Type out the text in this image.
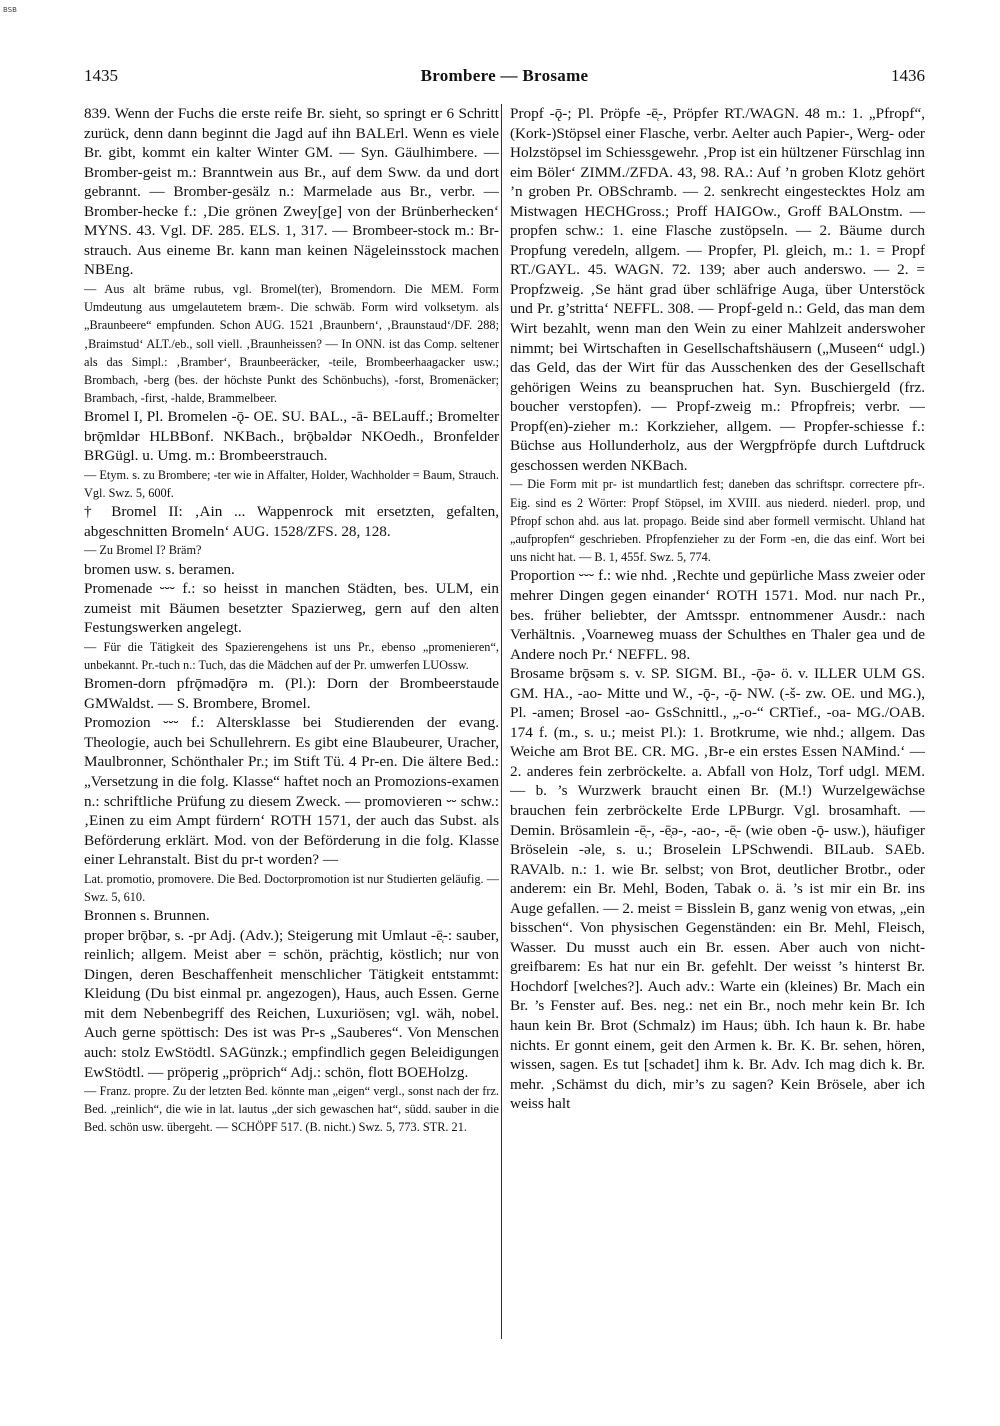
BSB
1435	Brombere — Brosame	1436

839. Wenn der Fuchs die erste reife Br. sieht, so springt er 6 Schritt zurück, denn dann beginnt die Jagd auf ihn BALErl. Wenn es viele Br. gibt, kommt ein kalter Winter GM. — Syn. Gäulhimbere. — Bromber-geist m.: Branntwein aus Br., auf dem Sww. da und dort gebrannt. — Bromber-gesälz n.: Marmelade aus Br., verbr. — Bromber-hecke f.: ‚Die grönen Zwey[ge] von der Brünberhecken‘ MYNS. 43. Vgl. DF. 285. ELS. 1, 317. — Brombeer-stock m.: Br-strauch. Aus eineme Br. kann man keinen Nägeleinsstock machen NBEng.

— Aus alt bräme rubus, vgl. Bromel(ter), Bromendorn. Die MEM. Form Umdeutung aus umgelautetem bræm-. Die schwäb. Form wird volksetym. als „Braunbeere“ empfunden. Schon AUG. 1521 ‚Braunbern‘, ‚Braunstaud‘/DF. 288; ‚Braimstud‘ ALT./eb., soll viell. ‚Braunheissen? — In ONN. ist das Comp. seltener als das Simpl.: ‚Bramber‘, Braunbeeräcker, -teile, Brombeerhaagacker usw.; Brombach, -berg (bes. der höchste Punkt des Schönbuchs), -forst, Bromenäcker; Brambach, -first, -halde, Brammelbeer.

Bromel I, Pl. Bromelen -ǭ- OE. SU. BAL., -ā- BELauff.; Bromelter brǭmldər HLBBonf. NKBach., brǭbəldər NKOedh., Bronfelder BRGügl. u. Umg. m.: Brombeerstrauch.

— Etym. s. zu Brombere; -ter wie in Affalter, Holder, Wachholder = Baum, Strauch. Vgl. Swz. 5, 600f.

† Bromel II: ‚Ain ... Wappenrock mit ersetzten, gefalten, abgeschnitten Bromeln‘ AUG. 1528/ZFS. 28, 128.

— Zu Bromel I? Bräm?

bromen usw. s. beramen.

Promenade ⏑⏑⏑ f.: so heisst in manchen Städten, bes. ULM, ein zumeist mit Bäumen besetzter Spazierweg, gern auf den alten Festungswerken angelegt.

— Für die Tätigkeit des Spazierengehens ist uns Pr., ebenso „promenieren“, unbekannt. Pr.-tuch n.: Tuch, das die Mädchen auf der Pr. umwerfen LUOssw.

Bromen-dorn pfrǭmədǭrə m. (Pl.): Dorn der Brombeerstaude GMWaldst. — S. Brombere, Bromel.

Promozion ⏑⏑⏑ f.: Altersklasse bei Studierenden der evang. Theologie, auch bei Schullehrern. Es gibt eine Blaubeurer, Uracher, Maulbronner, Schönthaler Pr.; im Stift Tü. 4 Pr-en. Die ältere Bed.: „Versetzung in die folg. Klasse“ haftet noch an Promozions-examen n.: schriftliche Prüfung zu diesem Zweck. — promovieren ⏑⏑ schw.: ‚Einen zu eim Ampt fürdern‘ ROTH 1571, der auch das Subst. als Beförderung erklärt. Mod. von der Beförderung in die folg. Klasse einer Lehranstalt. Bist du pr-t worden? —

Lat. promotio, promovere. Die Bed. Doctorpromotion ist nur Studierten geläufig. — Swz. 5, 610.

Bronnen s. Brunnen.

proper brǭbər, s. -pr Adj. (Adv.); Steigerung mit Umlaut -ē̜-: sauber, reinlich; allgem. Meist aber = schön, prächtig, köstlich; nur von Dingen, deren Beschaffenheit menschlicher Tätigkeit entstammt: Kleidung (Du bist einmal pr. angezogen), Haus, auch Essen. Gerne mit dem Nebenbegriff des Reichen, Luxuriösen; vgl. wäh, nobel. Auch gerne spöttisch: Des ist was Pr-s „Sauberes“. Von Menschen auch: stolz EwStödtl. SAGünzk.; empfindlich gegen Beleidigungen EwStödtl. — pröperig „pröprich“ Adj.: schön, flott BOEHolzg.

— Franz. propre. Zu der letzten Bed. könnte man „eigen“ vergl., sonst nach der frz. Bed. „reinlich“, die wie in lat. lautus „der sich gewaschen hat“, südd. sauber in die Bed. schön usw. übergeht. — SCHÖPF 517. (B. nicht.) Swz. 5, 773. STR. 21.

Propf -ǭ-; Pl. Pröpfe -ē̜-, Pröpfer RT./WAGN. 48 m.: 1. „Pfropf“, (Kork-)Stöpsel einer Flasche, verbr. Aelter auch Papier-, Werg- oder Holzstöpsel im Schiessgewehr. ‚Prop ist ein hültzener Fürschlag inn eim Böler‘ ZIMM./ZFDA. 43, 98. RA.: Auf ’n groben Klotz gehört ’n groben Pr. OBSchramb. — 2. senkrecht eingestecktes Holz am Mistwagen HECHGross.; Proff HAIGOw., Groff BALOnstm. — propfen schw.: 1. eine Flasche zustöpseln. — 2. Bäume durch Propfung veredeln, allgem. — Propfer, Pl. gleich, m.: 1. = Propf RT./GAYL. 45. WAGN. 72. 139; aber auch anderswo. — 2. = Propfzweig. ‚Se hänt grad über schläfrige Auga, über Unterstöck und Pr. g’stritta‘ NEFFL. 308. — Propf-geld n.: Geld, das man dem Wirt bezahlt, wenn man den Wein zu einer Mahlzeit anderswoher nimmt; bei Wirtschaften in Gesellschaftshäusern („Museen“ udgl.) das Geld, das der Wirt für das Ausschenken des der Gesellschaft gehörigen Weins zu beanspruchen hat. Syn. Buschiergeld (frz. boucher verstopfen). — Propf-zweig m.: Pfropfreis; verbr. — Propf(en)-zieher m.: Korkzieher, allgem. — Propfer-schiesse f.: Büchse aus Hollunderholz, aus der Wergpfröpfe durch Luftdruck geschossen werden NKBach.

— Die Form mit pr- ist mundartlich fest; daneben das schriftspr. correctere pfr-. Eig. sind es 2 Wörter: Propf Stöpsel, im XVIII. aus niederd. niederl. prop, und Pfropf schon ahd. aus lat. propago. Beide sind aber formell vermischt. Uhland hat „aufpropfen“ geschrieben. Pfropfenzieher zu der Form -en, die das einf. Wort bei uns nicht hat. — B. 1, 455f. Swz. 5, 774.

Proportion ⏑⏑⏑ f.: wie nhd. ‚Rechte und gepürliche Mass zweier oder mehrer Dingen gegen einander‘ ROTH 1571. Mod. nur nach Pr., bes. früher beliebter, der Amtsspr. entnommener Ausdr.: nach Verhältnis. ‚Voarneweg muass der Schulthes en Thaler gea und de Andere noch Pr.‘ NEFFL. 98.

Brosame brǭsəm s. v. SP. SIGM. BI., -ǭə- ö. v. ILLER ULM GS. GM. HA., -ao- Mitte und W., -ǭ-, -ǭ- NW. (-š- zw. OE. und MG.), Pl. -amen; Brosel -ao- GsSchnittl., „-o-“ CRTief., -oa- MG./OAB. 174 f. (m., s. u.; meist Pl.): 1. Brotkrume, wie nhd.; allgem. Das Weiche am Brot BE. CR. MG. ‚Br-e ein erstes Essen NAMind.‘ — 2. anderes fein zerbröckelte. a. Abfall von Holz, Torf udgl. MEM. — b. ’s Wurzwerk braucht einen Br. (M.!) Wurzelgewächse brauchen fein zerbröckelte Erde LPBurgr. Vgl. brosamhaft. — Demin. Brösamlein -ē̜-, -ē̜ə-, -ao-, -ē̜- (wie oben -ǭ- usw.), häufiger Bröselein -əle, s. u.; Broselein LPSchwendi. BILaub. SAEb. RAVAlb. n.: 1. wie Br. selbst; von Brot, deutlicher Brotbr., oder anderem: ein Br. Mehl, Boden, Tabak o. ä. ’s ist mir ein Br. ins Auge gefallen. — 2. meist = Bisslein B, ganz wenig von etwas, „ein bisschen“. Von physischen Gegenständen: ein Br. Mehl, Fleisch, Wasser. Du musst auch ein Br. essen. Aber auch von nicht-greifbarem: Es hat nur ein Br. gefehlt. Der weisst ’s hinterst Br. Hochdorf [welches?]. Auch adv.: Warte ein (kleines) Br. Mach ein Br. ’s Fenster auf. Bes. neg.: net ein Br., noch mehr kein Br. Ich haun kein Br. Brot (Schmalz) im Haus; übh. Ich haun k. Br. habe nichts. Er gonnt einem, geit den Armen k. Br. K. Br. sehen, hören, wissen, sagen. Es tut [schadet] ihm k. Br. Adv. Ich mag dich k. Br. mehr. ‚Schämst du dich, mir’s zu sagen? Kein Brösele, aber ich weiss halt
